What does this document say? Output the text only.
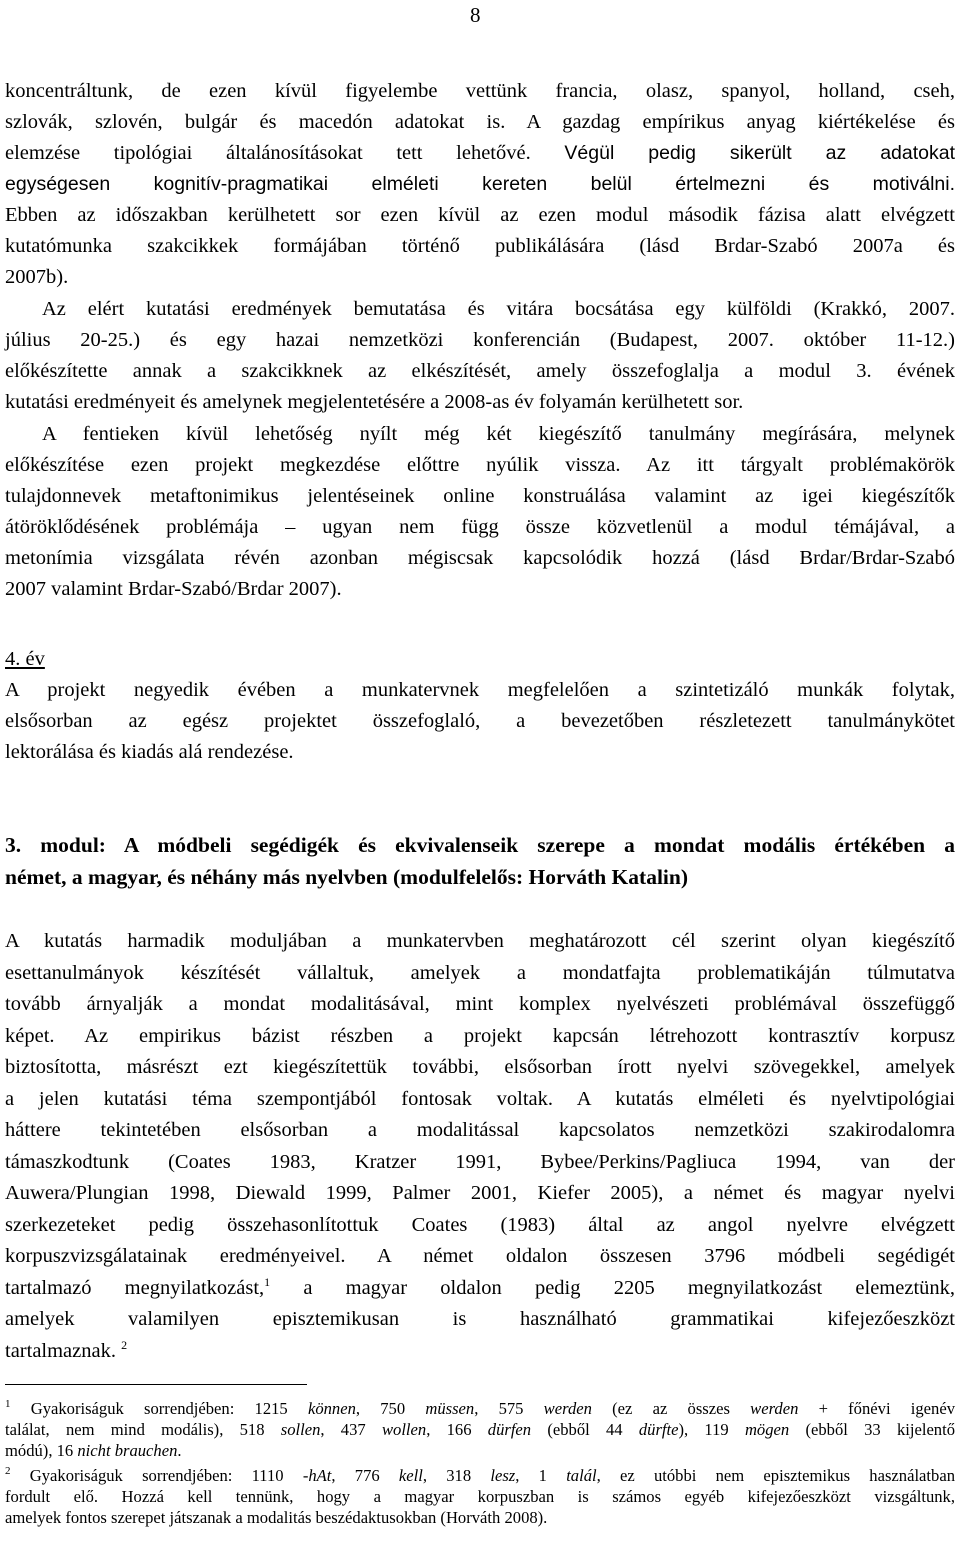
8
koncentráltunk, de ezen kívül figyelembe vettünk francia, olasz, spanyol, holland, cseh,
szlovák, szlovén, bulgár és macedón adatokat is. A gazdag empírikus anyag kiértékelése és
elemzése tipológiai általánosításokat tett lehetővé. Végül pedig sikerült az adatokat
egységesen kognitív-pragmatikai elméleti kereten belül értelmezni és motiválni.
Ebben az időszakban kerülhetett sor ezen kívül az ezen modul második fázisa alatt elvégzett
kutatómunka szakcikkek formájában történő publikálására (lásd Brdar-Szabó 2007a és
2007b).
Az elért kutatási eredmények bemutatása és vitára bocsátása egy külföldi (Krakkó, 2007.
július 20-25.) és egy hazai nemzetközi konferencián (Budapest, 2007. október 11-12.)
előkészítette annak a szakcikknek az elkészítését, amely összefoglalja a modul 3. évének
kutatási eredményeit és amelynek megjelentetésére a 2008-as év folyamán kerülhetett sor.
A fentieken kívül lehetőség nyílt még két kiegészítő tanulmány megírására, melynek
előkészítése ezen projekt megkezdése előttre nyúlik vissza. Az itt tárgyalt problémakörök
tulajdonnevek metaftonimikus jelentéseinek online konstruálása valamint az igei kiegészítők
átöröklődésének problémája – ugyan nem függ össze közvetlenül a modul témájával, a
metonímia vizsgálata révén azonban mégiscsak kapcsolódik hozzá (lásd Brdar/Brdar-Szabó
2007 valamint Brdar-Szabó/Brdar 2007).
4. év
A projekt negyedik évében a munkatervnek megfelelően a szintetizáló munkák folytak,
elsősorban az egész projektet összefoglaló, a bevezetőben részletezett tanulmánykötet
lektorálása és kiadás alá rendezése.
3. modul: A módbeli segédigék és ekvivalenseik szerepe a mondat modális értékében a
német, a magyar, és néhány más nyelvben (modulfelelős: Horváth Katalin)
A kutatás harmadik moduljában a munkatervben meghatározott cél szerint olyan kiegészítő
esettanulmányok készítését vállaltuk, amelyek a mondatfajta problematikáján túlmutatva
tovább árnyalják a mondat modalitásával, mint komplex nyelvészeti problémával összefüggő
képet. Az empirikus bázist részben a projekt kapcsán létrehozott kontrasztív korpusz
biztosította, másrészt ezt kiegészítettük további, elsősorban írott nyelvi szövegekkel, amelyek
a jelen kutatási téma szempontjából fontosak voltak. A kutatás elméleti és nyelvtipológiai
háttere tekintetében elsősorban a modalitással kapcsolatos nemzetközi szakirodalomra
támaszkodtunk (Coates 1983, Kratzer 1991, Bybee/Perkins/Pagliuca 1994, van der
Auwera/Plungian 1998, Diewald 1999, Palmer 2001, Kiefer 2005), a német és magyar nyelvi
szerkezeteket pedig összehasonlítottuk Coates (1983) által az angol nyelvre elvégzett
korpuszvizsgálatainak eredményeivel. A német oldalon összesen 3796 módbeli segédigét
tartalmazó megnyilatkozást,$^1$ a magyar oldalon pedig 2205 megnyilatkozást elemeztünk,
amelyek valamilyen episztemikusan is használható grammatikai kifejezőeszközt
tartalmaznak. $^2$
$^1$ Gyakoriságuk sorrendjében: 1215 können, 750 müssen, 575 werden (ez az összes werden + főnévi igenév
találat, nem mind modális), 518 sollen, 437 wollen, 166 dürfen (ebből 44 dürfte), 119 mögen (ebből 33 kijelentő
módú), 16 nicht brauchen.
$^2$ Gyakoriságuk sorrendjében: 1110 -hAt, 776 kell, 318 lesz, 1 talál, ez utóbbi nem episztemikus használatban
fordult elő. Hozzá kell tennünk, hogy a magyar korpuszban is számos egyéb kifejezőeszközt vizsgáltunk,
amelyek fontos szerepet játszanak a modalitás beszédaktusokban (Horváth 2008).
